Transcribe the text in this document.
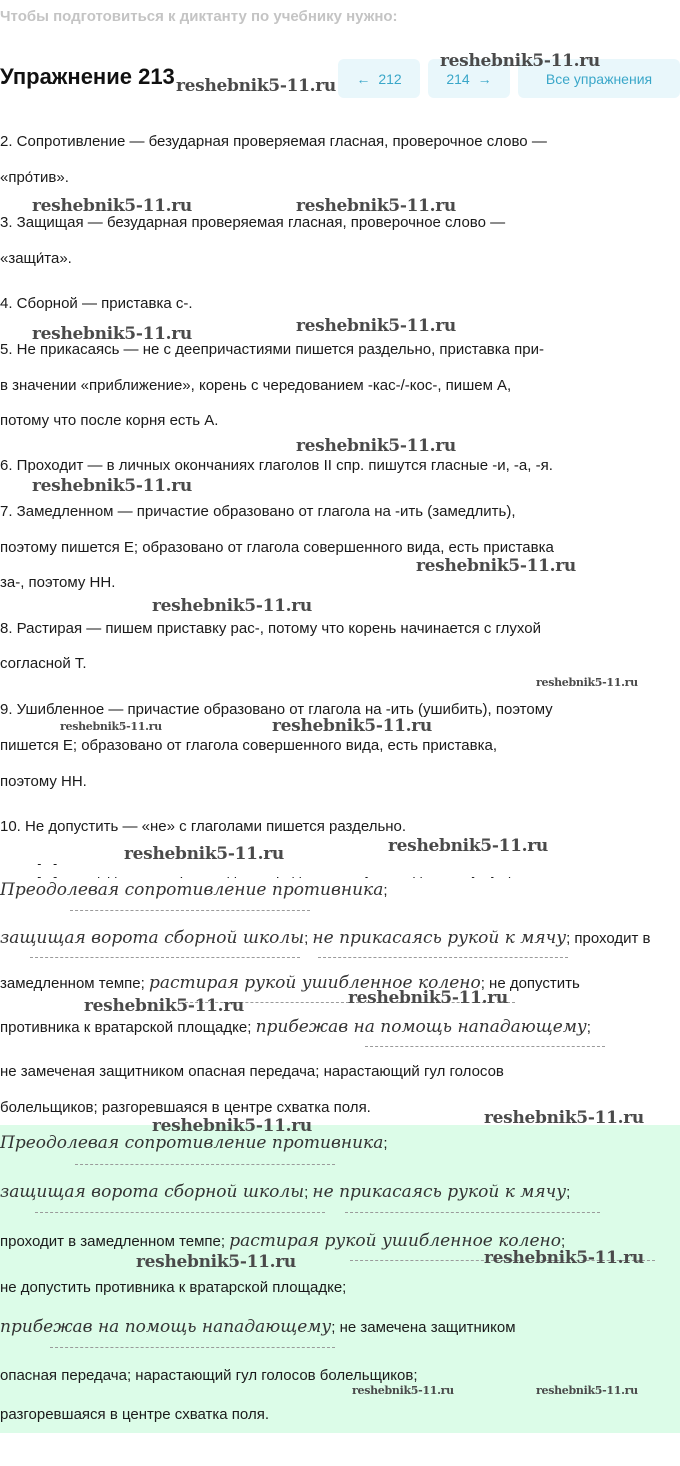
Чтобы подготовиться к диктанту по учебнику нужно:
Упражнение 213	← 212	214 →	Все упражнения
2. Сопротивление — безударная проверяемая гласная, проверочное слово —
«про́тив».
3. Защищая — безударная проверяемая гласная, проверочное слово —
«защи́та».
4. Сборной — приставка с-.
5. Не прикасаясь — не с деепричастиями пишется раздельно, приставка при-
в значении «приближение», корень с чередованием -кас-/-кос-, пишем А,
потому что после корня есть А.
6. Проходит — в личных окончаниях глаголов II спр. пишутся гласные -и, -а, -я.
7. Замедленном — причастие образовано от глагола на -ить (замедлить),
поэтому пишется Е; образовано от глагола совершенного вида, есть приставка
за-, поэтому НН.
8. Растирая — пишем приставку рас-, потому что корень начинается с глухой
согласной Т.
9. Ушибленное — причастие образовано от глагола на -ить (ушибить), поэтому
пишется Е; образовано от глагола совершенного вида, есть приставка,
поэтому НН.
10. Не допустить — «не» с глаголами пишется раздельно.
Преодолевая сопротивление противника;
защищая ворота сборной школы; не прикасаясь рукой к мячу; проходит в
замедленном темпе; растирая рукой ушибленное колено; не допустить
противника к вратарской площадке; прибежав на помощь нападающему;
не замеченая защитником опасная передача; нарастающий гул голосов
болельщиков; разгоревшаяся в центре схватка поля.
Преодолевая сопротивление противника;
защищая ворота сборной школы; не прикасаясь рукой к мячу;
проходит в замедленном темпе; растирая рукой ушибленное колено;
не допустить противника к вратарской площадке;
прибежав на помощь нападающему; не замечена защитником
опасная передача; нарастающий гул голосов болельщиков;
разгоревшаяся в центре схватка поля.
reshebnik5-11.ru
reshebnik5-11.ru
reshebnik5-11.ru	reshebnik5-11.ru
reshebnik5-11.ru
reshebnik5-11.ru
reshebnik5-11.ru
reshebnik5-11.ru
reshebnik5-11.ru
reshebnik5-11.ru
reshebnik5-11.ru
reshebnik5-11.ru	reshebnik5-11.ru
reshebnik5-11.ru
reshebnik5-11.ru
reshebnik5-11.ru	reshebnik5-11.ru
reshebnik5-11.ru
reshebnik5-11.ru
reshebnik5-11.ru	reshebnik5-11.ru
reshebnik5-11.ru	reshebnik5-11.ru
